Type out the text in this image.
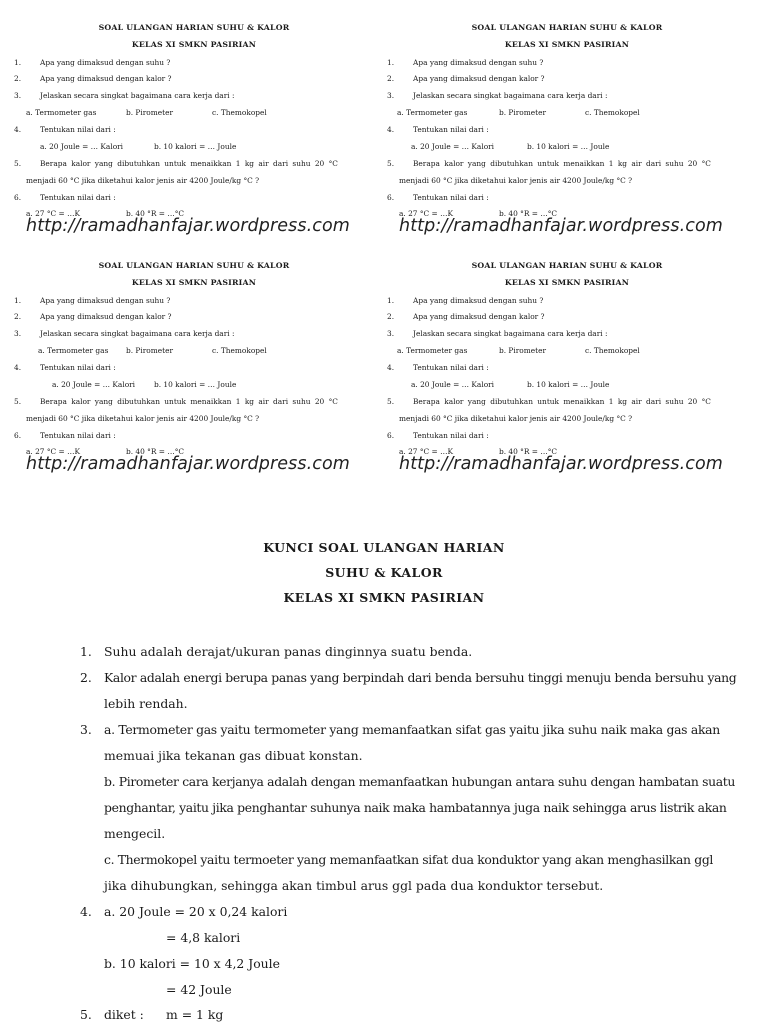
SOAL ULANGAN HARIAN SUHU & KALOR
KELAS XI SMKN PASIRIAN
1.	Apa yang dimaksud dengan suhu ?
2.	Apa yang dimaksud dengan kalor ?
3.	Jelaskan secara singkat bagaimana cara kerja dari :
a. Termometer gas	b. Pirometer	c. Themokopel
4.	Tentukan nilai dari :
a. 20 Joule = … Kalori	b. 10 kalori = … Joule
5.	Berapa kalor yang dibutuhkan untuk menaikkan 1 kg air dari suhu 20 °C
menjadi 60 °C jika diketahui kalor jenis air 4200 Joule/kg °C ?
6.	Tentukan nilai dari :
a. 27 °C = …K	b. 40 °R = …°C
http://ramadhanfajar.wordpress.com
SOAL ULANGAN HARIAN SUHU & KALOR
KELAS XI SMKN PASIRIAN
1.	Apa yang dimaksud dengan suhu ?
2.	Apa yang dimaksud dengan kalor ?
3.	Jelaskan secara singkat bagaimana cara kerja dari :
a. Termometer gas	b. Pirometer	c. Themokopel
4.	Tentukan nilai dari :
a. 20 Joule = … Kalori	b. 10 kalori = … Joule
5.	Berapa kalor yang dibutuhkan untuk menaikkan 1 kg air dari suhu 20 °C
menjadi 60 °C jika diketahui kalor jenis air 4200 Joule/kg °C ?
6.	Tentukan nilai dari :
a. 27 °C = …K	b. 40 °R = …°C
http://ramadhanfajar.wordpress.com
SOAL ULANGAN HARIAN SUHU & KALOR
KELAS XI SMKN PASIRIAN
1.	Apa yang dimaksud dengan suhu ?
2.	Apa yang dimaksud dengan kalor ?
3.	Jelaskan secara singkat bagaimana cara kerja dari :
a. Termometer gas b. Pirometer	c. Themokopel
4.	Tentukan nilai dari :
a. 20 Joule = … Kalori	b. 10 kalori = … Joule
5.	Berapa kalor yang dibutuhkan untuk menaikkan 1 kg air dari suhu 20 °C
menjadi 60 °C jika diketahui kalor jenis air 4200 Joule/kg °C ?
6.	Tentukan nilai dari :
a. 27 °C = …K	b. 40 °R = …°C
http://ramadhanfajar.wordpress.com
SOAL ULANGAN HARIAN SUHU & KALOR
KELAS XI SMKN PASIRIAN
1.	Apa yang dimaksud dengan suhu ?
2.	Apa yang dimaksud dengan kalor ?
3.	Jelaskan secara singkat bagaimana cara kerja dari :
a. Termometer gas	b. Pirometer	c. Themokopel
4.	Tentukan nilai dari :
a. 20 Joule = … Kalori	b. 10 kalori = … Joule
5.	Berapa kalor yang dibutuhkan untuk menaikkan 1 kg air dari suhu 20 °C
menjadi 60 °C jika diketahui kalor jenis air 4200 Joule/kg °C ?
6.	Tentukan nilai dari :
a. 27 °C = …K	b. 40 °R = …°C
http://ramadhanfajar.wordpress.com
KUNCI SOAL ULANGAN HARIAN
SUHU & KALOR
KELAS XI SMKN PASIRIAN
1. Suhu adalah derajat/ukuran panas dinginnya suatu benda.
2. Kalor adalah energi berupa panas yang berpindah dari benda bersuhu tinggi menuju benda bersuhu yang
lebih rendah.
3. a. Termometer gas yaitu termometer yang memanfaatkan sifat gas yaitu jika suhu naik maka gas akan
memuai jika tekanan gas dibuat konstan.
b. Pirometer cara kerjanya adalah dengan memanfaatkan hubungan antara suhu dengan hambatan suatu
penghantar, yaitu jika penghantar suhunya naik maka hambatannya juga naik sehingga arus listrik akan
mengecil.
c. Thermokopel yaitu termoeter yang memanfaatkan sifat dua konduktor yang akan menghasilkan ggl
jika dihubungkan, sehingga akan timbul arus ggl pada dua konduktor tersebut.
4. a. 20 Joule = 20 x 0,24 kalori
= 4,8 kalori
b. 10 kalori = 10 x 4,2 Joule
= 42 Joule
5. diket : m = 1 kg
